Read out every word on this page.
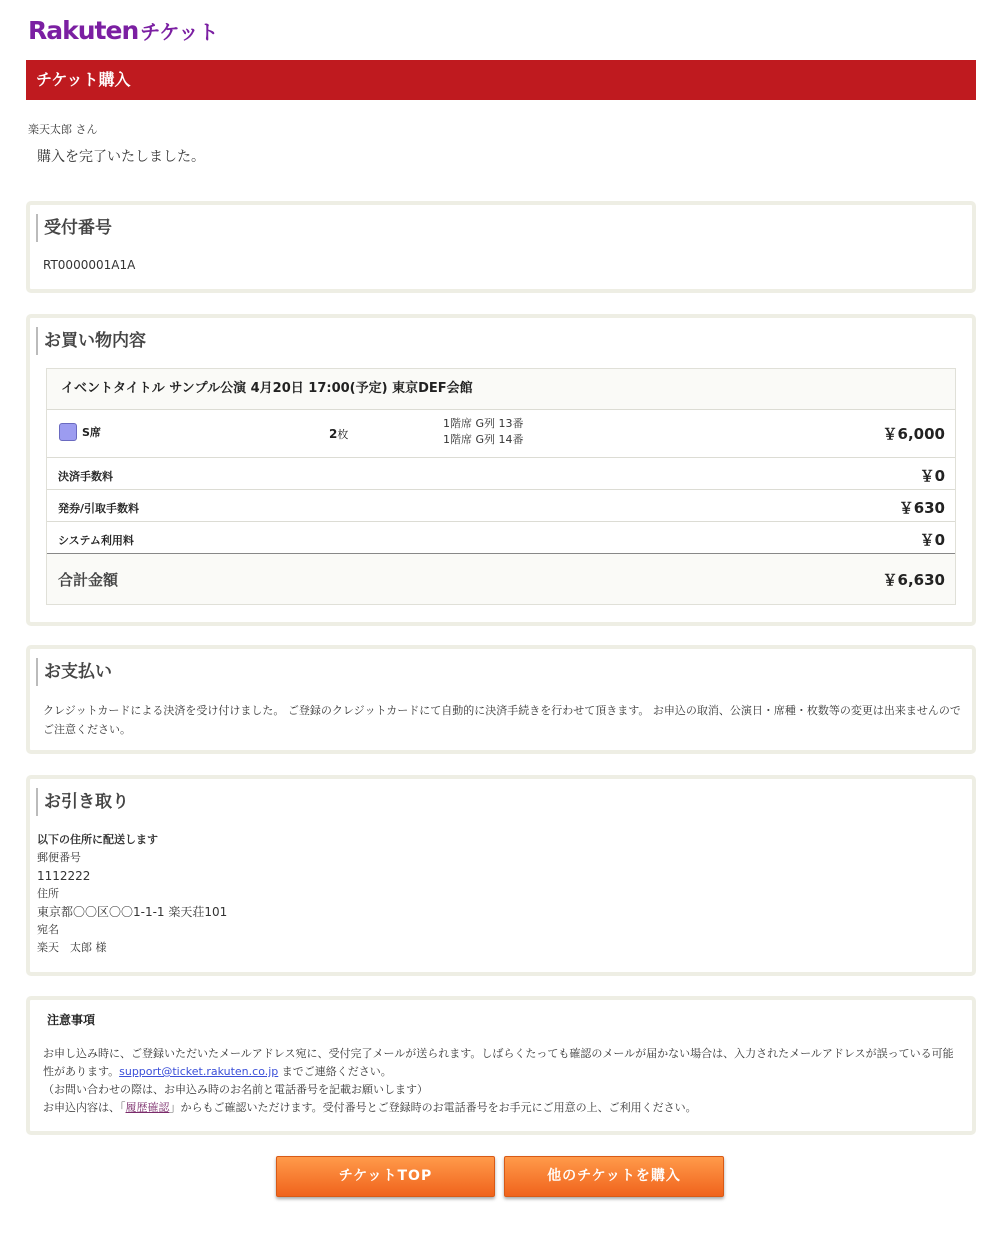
Rakuten チケット
チケット購入
楽天太郎 さん
購入を完了いたしました。
受付番号
RT0000001A1A
お買い物内容
イベントタイトル サンプル公演 4月20日 17:00(予定) 東京DEF会館
S席	2枚
1階席 G列 13番
1階席 G列 14番	￥6,000
決済手数料	￥0
発券/引取手数料	￥630
システム利用料	￥0
合計金額	￥6,630
お支払い
クレジットカードによる決済を受け付けました。 ご登録のクレジットカードにて自動的に決済手続きを行わせて頂きます。 お申込の取消、公演日・席種・枚数等の変更は出来ませんのでご注意ください。
お引き取り
以下の住所に配送します
郵便番号
1112222
住所
東京都〇〇区〇〇1-1-1 楽天荘101
宛名
楽天　太郎 様
注意事項
お申し込み時に、ご登録いただいたメールアドレス宛に、受付完了メールが送られます。しばらくたっても確認のメールが届かない場合は、入力されたメールアドレスが誤っている可能性があります。support@ticket.rakuten.co.jp までご連絡ください。
（お問い合わせの際は、お申込み時のお名前と電話番号を記載お願いします）
お申込内容は、「履歴確認」からもご確認いただけます。受付番号とご登録時のお電話番号をお手元にご用意の上、ご利用ください。
チケットTOP	他のチケットを購入
